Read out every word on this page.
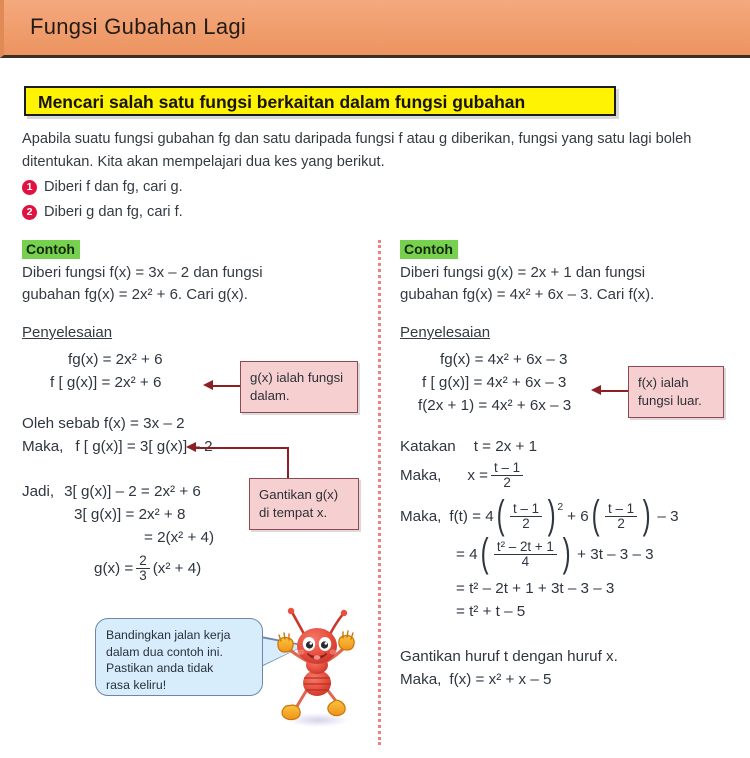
Fungsi Gubahan Lagi
Mencari salah satu fungsi berkaitan dalam fungsi gubahan

Apabila suatu fungsi gubahan fg dan satu daripada fungsi f atau g diberikan, fungsi yang satu lagi boleh ditentukan. Kita akan mempelajari dua kes yang berikut.

1 Diberi f dan fg, cari g.
2 Diberi g dan fg, cari f.
Contoh
Diberi fungsi f(x) = 3x – 2 dan fungsi
gubahan fg(x) = 2x² + 6. Cari g(x).
Penyelesaian
fg(x) = 2x² + 6
f [ g(x)] = 2x² + 6
Oleh sebab f(x) = 3x – 2
Maka, f [ g(x)] = 3[ g(x)] – 2
Jadi, 3[ g(x)] – 2 = 2x² + 6
3[ g(x)] = 2x² + 8
= 2(x² + 4)
$g(x) = \frac{2}{3} (x^2 + 4)$
g(x) ialah fungsi
dalam.
Gantikan g(x)
di tempat x.
Contoh
Diberi fungsi g(x) = 2x + 1 dan fungsi
gubahan fg(x) = 4x² + 6x – 3. Cari f(x).
Penyelesaian
fg(x) = 4x² + 6x – 3
f [ g(x)] = 4x² + 6x – 3
f(2x + 1) = 4x² + 6x – 3
Katakan t = 2x + 1
Maka, $x = \frac{t - 1}{2}$
Maka, f(t) = 4 ( $\frac{t - 1}{2}$ ) 2
+ 6 ( $\frac{t - 1}{2}$ ) – 3
= 4 ( $\frac{\text{t² – 2t + 1}}{4}$ ) + 3t – 3 – 3
= t² – 2t + 1 + 3t – 3 – 3
= t² + t – 5
Gantikan huruf t dengan huruf x.
Maka, f(x) = x² + x – 5
f(x) ialah
fungsi luar.
Bandingkan jalan kerja
dalam dua contoh ini.
Pastikan anda tidak
rasa keliru!
